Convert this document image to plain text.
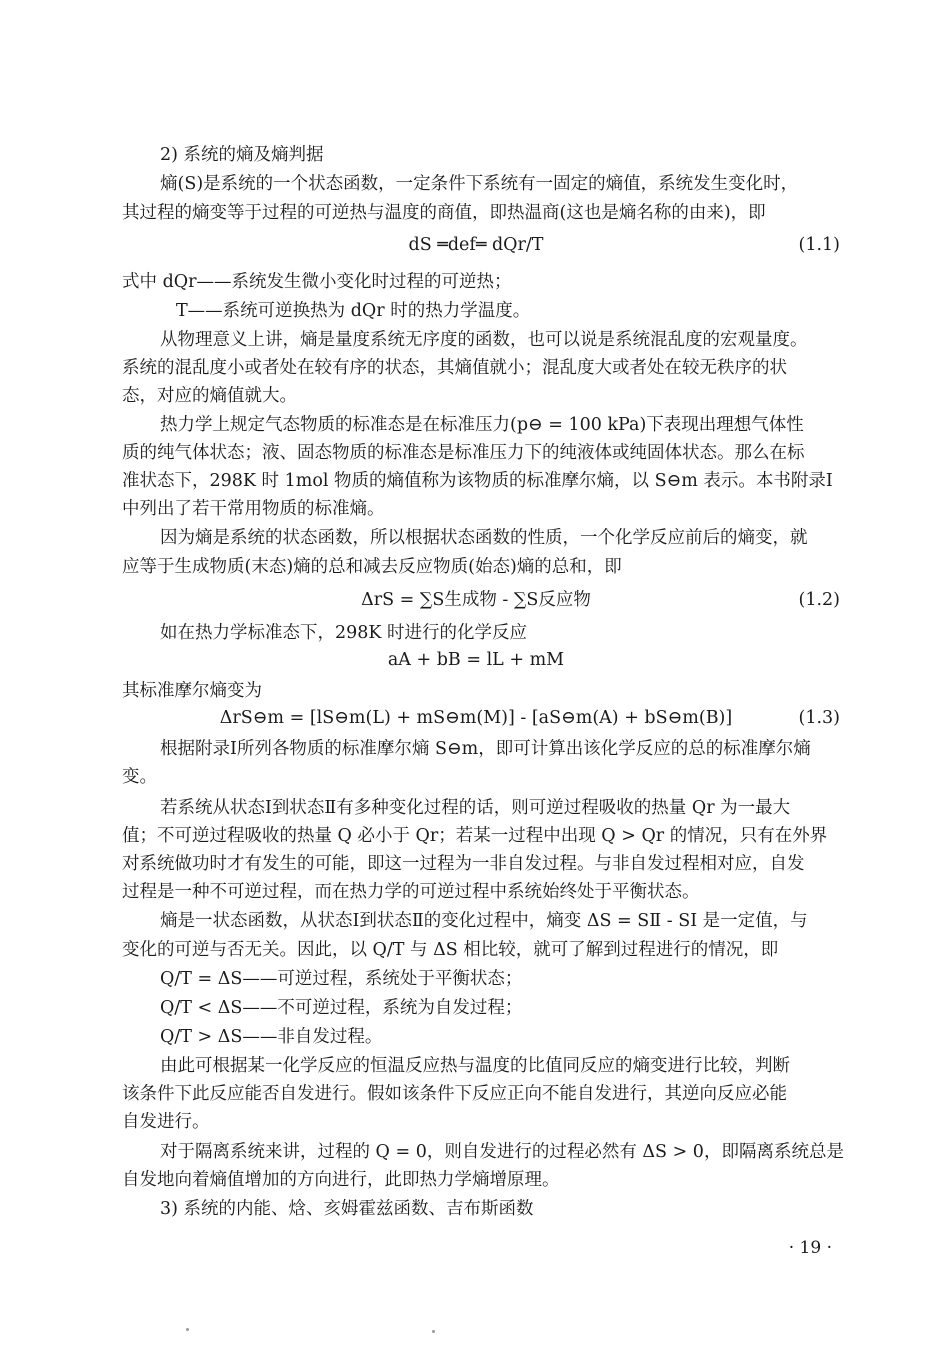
2) 系统的熵及熵判据
熵(S)是系统的一个状态函数，一定条件下系统有一固定的熵值，系统发生变化时，
其过程的熵变等于过程的可逆热与温度的商值，即热温商(这也是熵名称的由来)，即
式中 dQr——系统发生微小变化时过程的可逆热；
T——系统可逆换热为 dQr 时的热力学温度。
从物理意义上讲，熵是量度系统无序度的函数，也可以说是系统混乱度的宏观量度。
系统的混乱度小或者处在较有序的状态，其熵值就小；混乱度大或者处在较无秩序的状
态，对应的熵值就大。
热力学上规定气态物质的标准态是在标准压力(p⊖ = 100 kPa)下表现出理想气体性
质的纯气体状态；液、固态物质的标准态是标准压力下的纯液体或纯固体状态。那么在标
准状态下，298K 时 1mol 物质的熵值称为该物质的标准摩尔熵，以 S⊖m 表示。本书附录Ⅰ
中列出了若干常用物质的标准熵。
因为熵是系统的状态函数，所以根据状态函数的性质，一个化学反应前后的熵变，就
应等于生成物质(末态)熵的总和减去反应物质(始态)熵的总和，即
如在热力学标准态下，298K 时进行的化学反应
其标准摩尔熵变为
根据附录Ⅰ所列各物质的标准摩尔熵 S⊖m，即可计算出该化学反应的总的标准摩尔熵
变。
若系统从状态Ⅰ到状态Ⅱ有多种变化过程的话，则可逆过程吸收的热量 Qr 为一最大
值；不可逆过程吸收的热量 Q 必小于 Qr；若某一过程中出现 Q > Qr 的情况，只有在外界
对系统做功时才有发生的可能，即这一过程为一非自发过程。与非自发过程相对应，自发
过程是一种不可逆过程，而在热力学的可逆过程中系统始终处于平衡状态。
熵是一状态函数，从状态Ⅰ到状态Ⅱ的变化过程中，熵变 ΔS = SⅡ - SⅠ 是一定值，与
变化的可逆与否无关。因此，以 Q/T 与 ΔS 相比较，就可了解到过程进行的情况，即
Q/T = ΔS——可逆过程，系统处于平衡状态；
Q/T < ΔS——不可逆过程，系统为自发过程；
Q/T > ΔS——非自发过程。
由此可根据某一化学反应的恒温反应热与温度的比值同反应的熵变进行比较，判断
该条件下此反应能否自发进行。假如该条件下反应正向不能自发进行，其逆向反应必能
自发进行。
对于隔离系统来讲，过程的 Q = 0，则自发进行的过程必然有 ΔS > 0，即隔离系统总是
自发地向着熵值增加的方向进行，此即热力学熵增原理。
3) 系统的内能、焓、亥姆霍兹函数、吉布斯函数
dS ═def═ dQr/T	(1.1)
ΔrS = ∑S生成物 - ∑S反应物	(1.2)
aA + bB = lL + mM
ΔrS⊖m = [lS⊖m(L) + mS⊖m(M)] - [aS⊖m(A) + bS⊖m(B)]	(1.3)
· 19 ·
